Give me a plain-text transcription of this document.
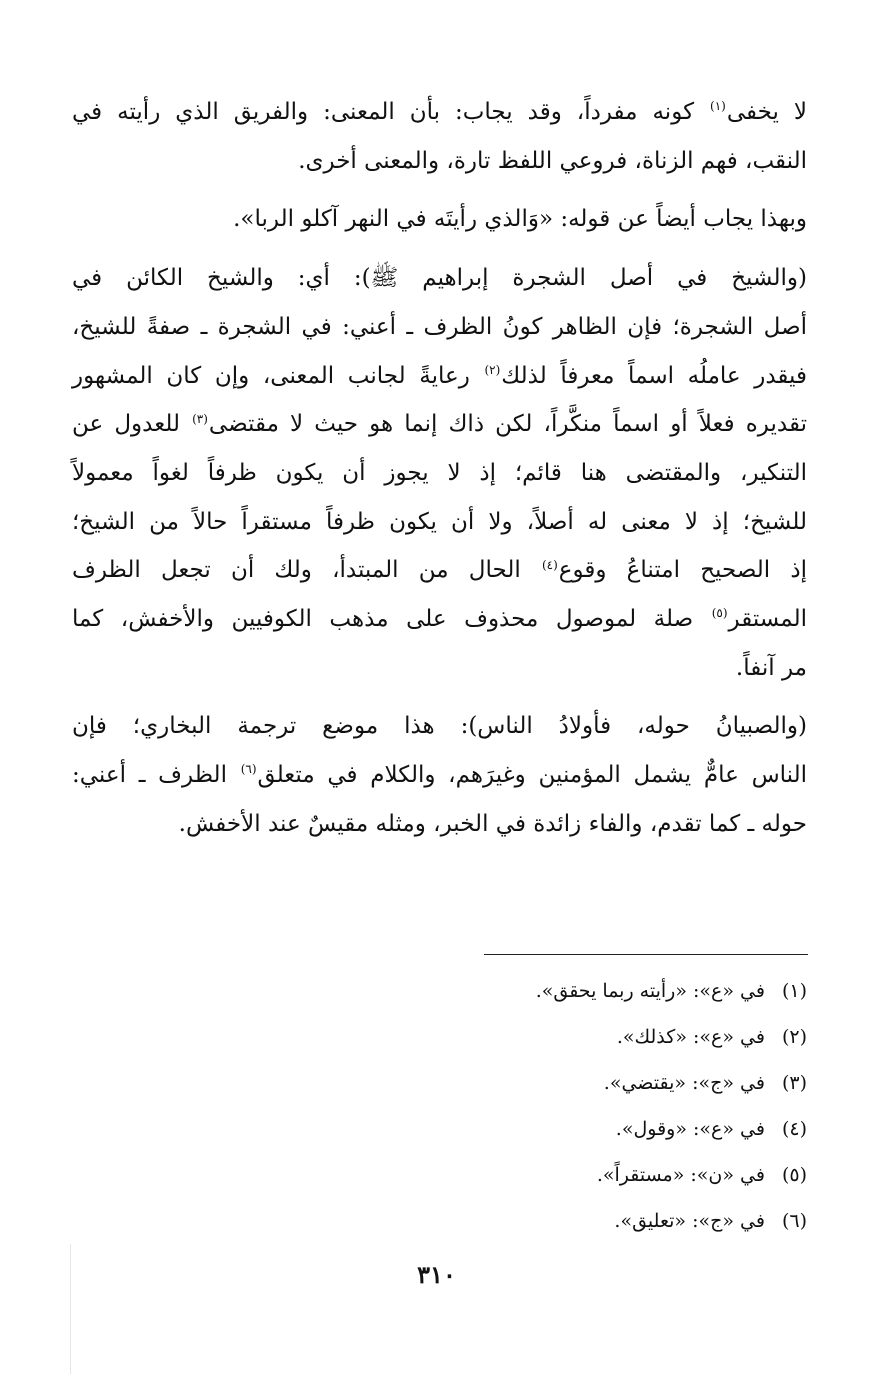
لا يخفى$^{(١)}$ كونه مفرداً، وقد يجاب: بأن المعنى: والفريق الذي رأيته في
النقب، فهم الزناة، فروعي اللفظ تارة، والمعنى أخرى.

وبهذا يجاب أيضاً عن قوله: «وَالذي رأيتَه في النهر آكلو الربا».

(والشيخ في أصل الشجرة إبراهيم ﷺ): أي: والشيخ الكائن في
أصل الشجرة؛ فإن الظاهر كونُ الظرف ـ أعني: في الشجرة ـ صفةً للشيخ،
فيقدر عاملُه اسماً معرفاً لذلك$^{(٢)}$ رعايةً لجانب المعنى، وإن كان المشهور
تقديره فعلاً أو اسماً منكَّراً، لكن ذاك إنما هو حيث لا مقتضى$^{(٣)}$ للعدول عن
التنكير، والمقتضى هنا قائم؛ إذ لا يجوز أن يكون ظرفاً لغواً معمولاً
للشيخ؛ إذ لا معنى له أصلاً، ولا أن يكون ظرفاً مستقراً حالاً من الشيخ؛
إذ الصحيح امتناعُ وقوع$^{(٤)}$ الحال من المبتدأ، ولك أن تجعل الظرف
المستقر$^{(٥)}$ صلة لموصول محذوف على مذهب الكوفيين والأخفش، كما
مر آنفاً.

(والصبيانُ حوله، فأولادُ الناس): هذا موضع ترجمة البخاري؛ فإن
الناس عامٌّ يشمل المؤمنين وغيرَهم، والكلام في متعلق$^{(٦)}$ الظرف ـ أعني:
حوله ـ كما تقدم، والفاء زائدة في الخبر، ومثله مقيسٌ عند الأخفش.

(١) في «ع»: «رأيته ربما يحقق».
(٢) في «ع»: «كذلك».
(٣) في «ج»: «يقتضي».
(٤) في «ع»: «وقول».
(٥) في «ن»: «مستقراً».
(٦) في «ج»: «تعليق».
٣١٠
